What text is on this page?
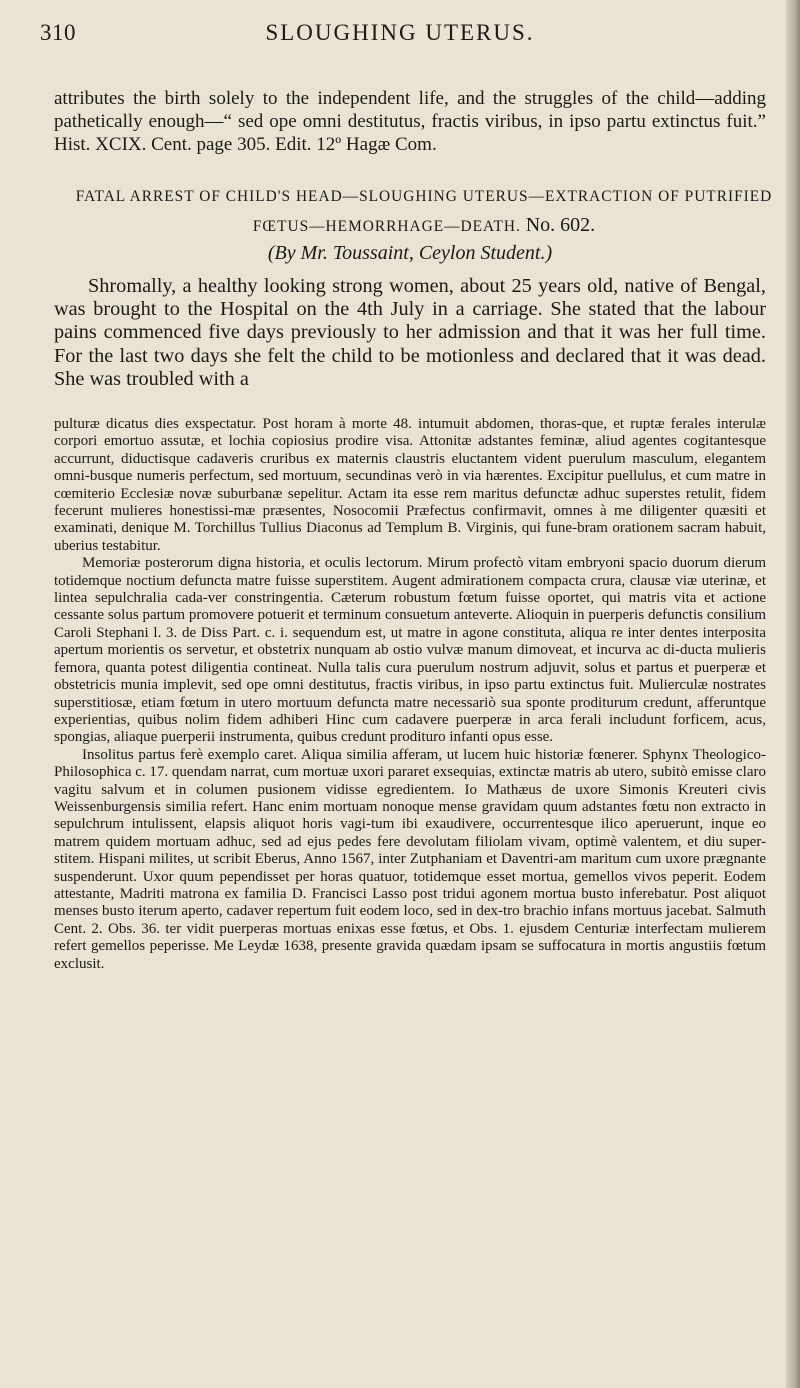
310	SLOUGHING UTERUS.

attributes the birth solely to the independent life, and the struggles of the child—adding pathetically enough—“ sed ope omni destitutus, fractis viribus, in ipso partu extinctus fuit.” Hist. XCIX. Cent. page 305. Edit. 12º Hagæ Com.

FATAL ARREST OF CHILD'S HEAD—SLOUGHING UTERUS—EXTRACTION OF PUTRIFIED FŒTUS—HEMORRHAGE—DEATH. No. 602.

(By Mr. Toussaint, Ceylon Student.)

Shromally, a healthy looking strong women, about 25 years old, native of Bengal, was brought to the Hospital on the 4th July in a carriage. She stated that the labour pains commenced five days previously to her admission and that it was her full time. For the last two days she felt the child to be motionless and declared that it was dead. She was troubled with a

pulturæ dicatus dies exspectatur. Post horam à morte 48. intumuit abdomen, thoras-que, et ruptæ ferales interulæ corpori emortuo assutæ, et lochia copiosius prodire visa. Attonitæ adstantes feminæ, aliud agentes cogitantesque accurrunt, diductisque cadaveris cruribus ex maternis claustris eluctantem vident puerulum masculum, elegantem omni-busque numeris perfectum, sed mortuum, secundinas verò in via hærentes. Excipitur puellulus, et cum matre in cœmiterio Ecclesiæ novæ suburbanæ sepelitur. Actam ita esse rem maritus defunctæ adhuc superstes retulit, fidem fecerunt mulieres honestissi-mæ præsentes, Nosocomii Præfectus confirmavit, omnes à me diligenter quæsiti et examinati, denique M. Torchillus Tullius Diaconus ad Templum B. Virginis, qui fune-bram orationem sacram habuit, uberius testabitur.

Memoriæ posterorum digna historia, et oculis lectorum. Mirum profectò vitam embryoni spacio duorum dierum totidemque noctium defuncta matre fuisse superstitem. Augent admirationem compacta crura, clausæ viæ uterinæ, et lintea sepulchralia cada-ver constringentia. Cæterum robustum fœtum fuisse oportet, qui matris vita et actione cessante solus partum promovere potuerit et terminum consuetum anteverte. Alioquin in puerperis defunctis consilium Caroli Stephani l. 3. de Diss Part. c. i. sequendum est, ut matre in agone constituta, aliqua re inter dentes interposita apertum morientis os servetur, et obstetrix nunquam ab ostio vulvæ manum dimoveat, et incurva ac di-ducta mulieris femora, quanta potest diligentia contineat. Nulla talis cura puerulum nostrum adjuvit, solus et partus et puerperæ et obstetricis munia implevit, sed ope omni destitutus, fractis viribus, in ipso partu extinctus fuit. Mulierculæ nostrates superstitiosæ, etiam fœtum in utero mortuum defuncta matre necessariò sua sponte proditurum credunt, afferuntque experientias, quibus nolim fidem adhiberi Hinc cum cadavere puerperæ in arca ferali includunt forficem, acus, spongias, aliaque puerperii instrumenta, quibus credunt prodituro infanti opus esse.

Insolitus partus ferè exemplo caret. Aliqua similia afferam, ut lucem huic historiæ fœnerer. Sphynx Theologico-Philosophica c. 17. quendam narrat, cum mortuæ uxori pararet exsequias, extinctæ matris ab utero, subitò emisse claro vagitu salvum et in columen pusionem vidisse egredientem. Io Mathæus de uxore Simonis Kreuteri civis Weissenburgensis similia refert. Hanc enim mortuam nonoque mense gravidam quum adstantes fœtu non extracto in sepulchrum intulissent, elapsis aliquot horis vagi-tum ibi exaudivere, occurrentesque ilico aperuerunt, inque eo matrem quidem mortuam adhuc, sed ad ejus pedes fere devolutam filiolam vivam, optimè valentem, et diu super-stitem. Hispani milites, ut scribit Eberus, Anno 1567, inter Zutphaniam et Daventri-am maritum cum uxore prægnante suspenderunt. Uxor quum pependisset per horas quatuor, totidemque esset mortua, gemellos vivos peperit. Eodem attestante, Madriti matrona ex familia D. Francisci Lasso post tridui agonem mortua busto inferebatur. Post aliquot menses busto iterum aperto, cadaver repertum fuit eodem loco, sed in dex-tro brachio infans mortuus jacebat. Salmuth Cent. 2. Obs. 36. ter vidit puerperas mortuas enixas esse fœtus, et Obs. 1. ejusdem Centuriæ interfectam mulierem refert gemellos peperisse. Me Leydæ 1638, presente gravida quædam ipsam se suffocatura in mortis angustiis fœtum exclusit.
